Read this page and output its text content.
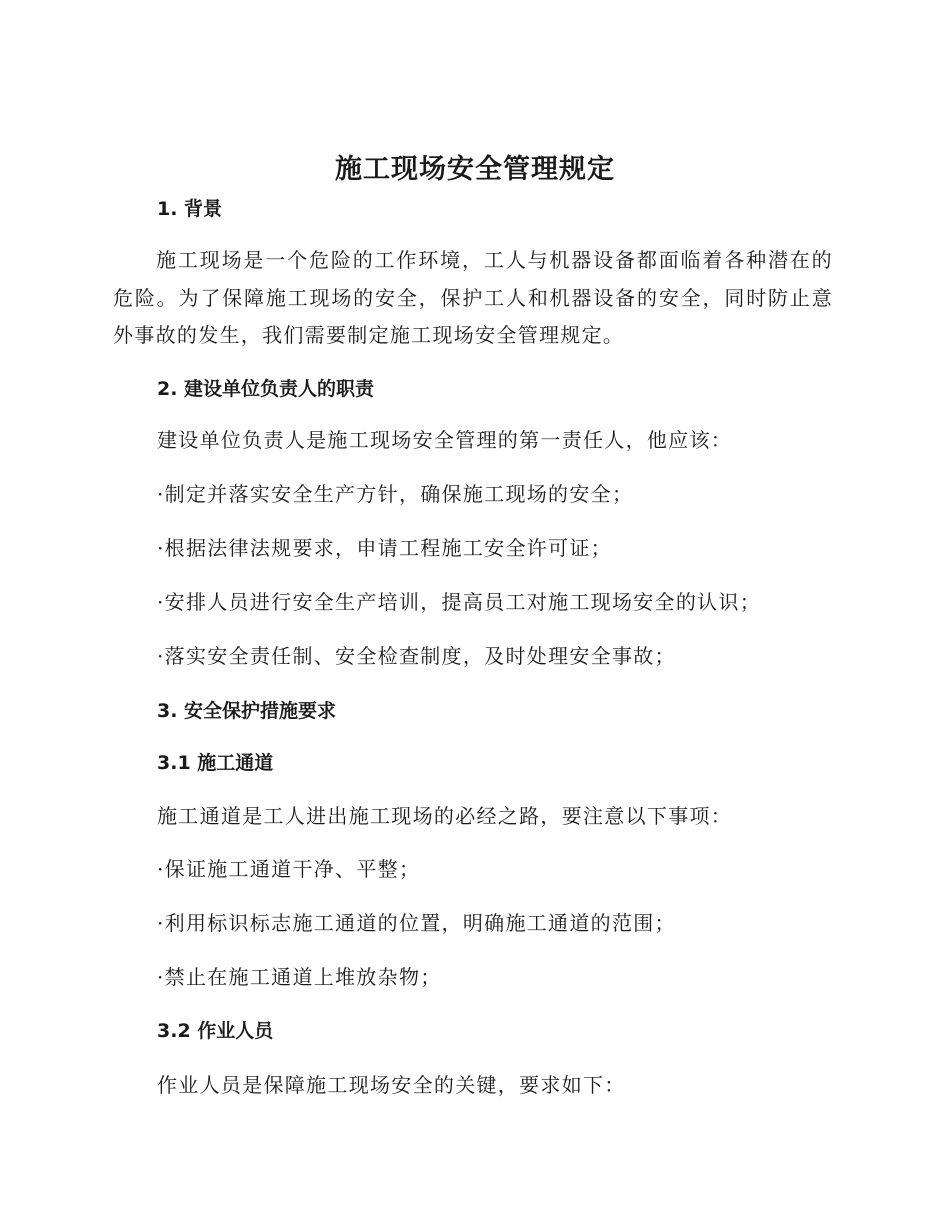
施工现场安全管理规定
1. 背景
施工现场是一个危险的工作环境，工人与机器设备都面临着各种潜在的危险。为了保障施工现场的安全，保护工人和机器设备的安全，同时防止意外事故的发生，我们需要制定施工现场安全管理规定。
2. 建设单位负责人的职责
建设单位负责人是施工现场安全管理的第一责任人，他应该：
·制定并落实安全生产方针，确保施工现场的安全；
·根据法律法规要求，申请工程施工安全许可证；
·安排人员进行安全生产培训，提高员工对施工现场安全的认识；
·落实安全责任制、安全检查制度，及时处理安全事故；
3. 安全保护措施要求
3.1 施工通道
施工通道是工人进出施工现场的必经之路，要注意以下事项：
·保证施工通道干净、平整；
·利用标识标志施工通道的位置，明确施工通道的范围；
·禁止在施工通道上堆放杂物；
3.2 作业人员
作业人员是保障施工现场安全的关键，要求如下：
